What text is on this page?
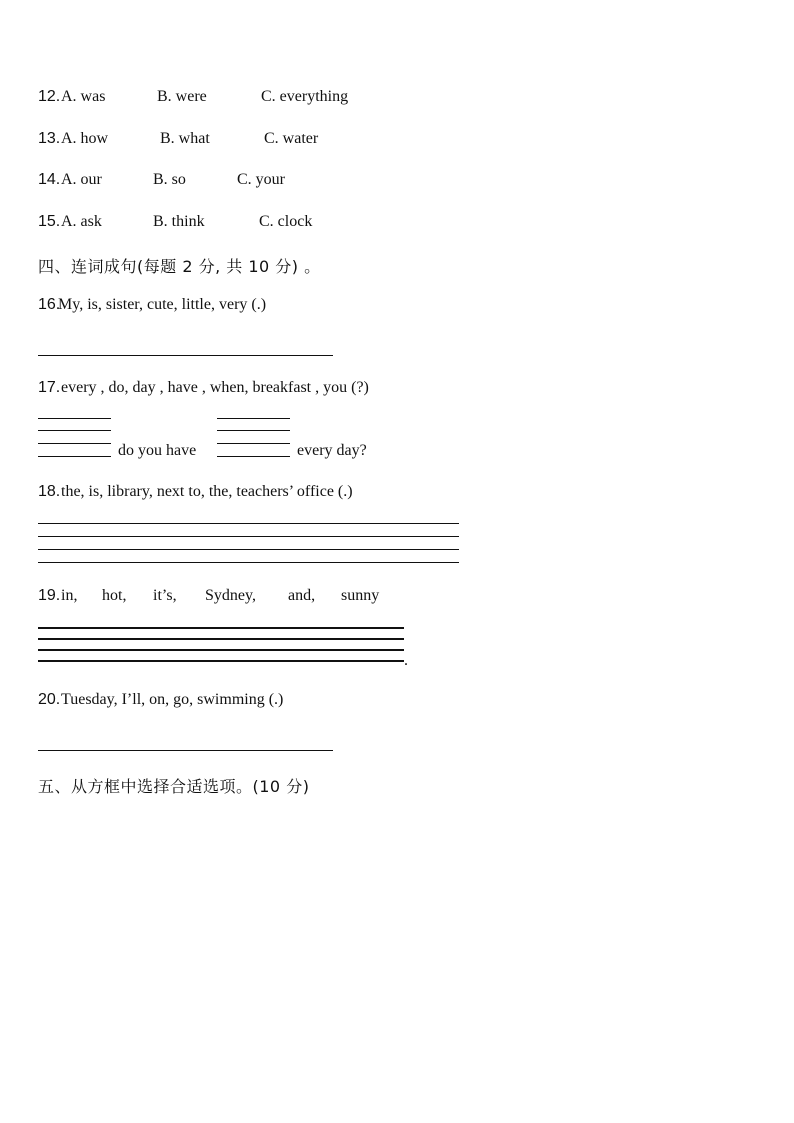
12. A. was	B. were	C. everything
13. A. how	B. what	C. water
14. A. our	B. so	C. your
15. A. ask	B. think	C. clock
四、连词成句(每题 2 分, 共 10 分) 。
16.
My, is, sister, cute, little, very (.)
17. every , do, day , have , when, breakfast , you (?)
do you have	every day?
18. the, is, library, next to, the, teachers’ office (.)
19. in, hot, it’s, Sydney, and, sunny
.
20. Tuesday, I’ll, on, go, swimming (.)
五、从方框中选择合适选项。(10 分)
